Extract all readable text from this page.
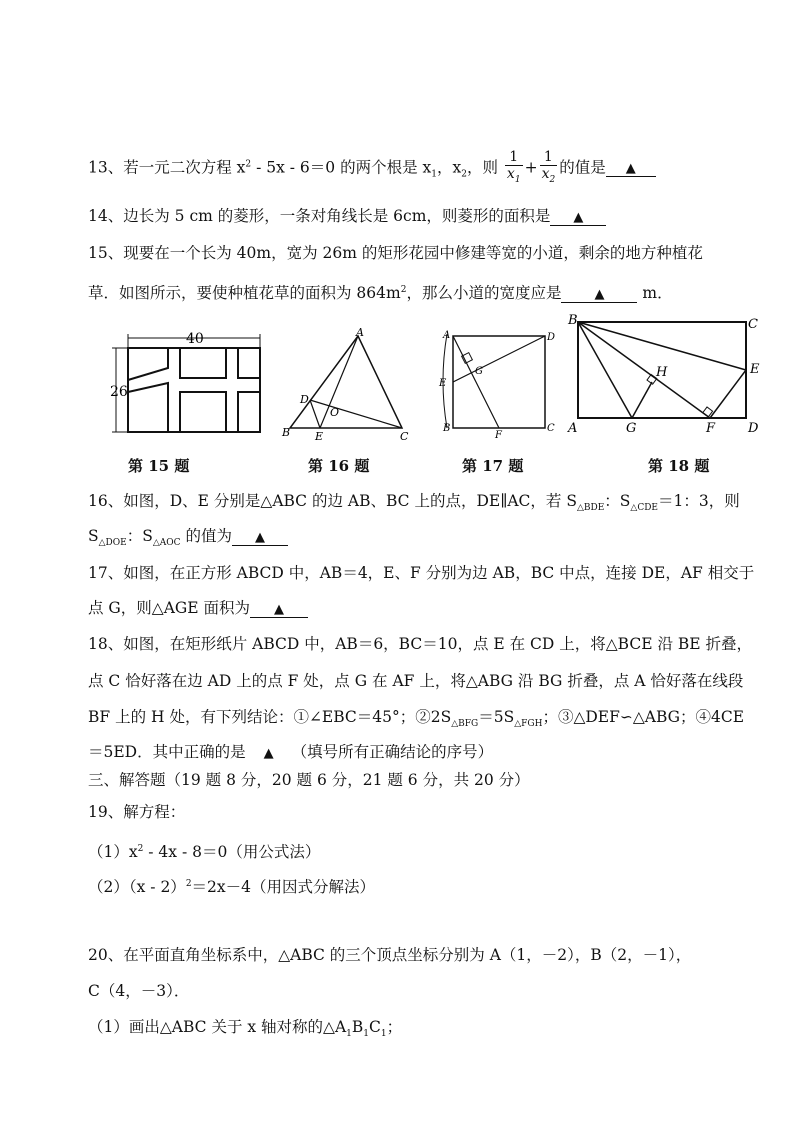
13、若一元二次方程 $x^2 - 5x - 6=0$ 的两个根是 $x_1$，$x_2$，则 $\frac{1}{x_1} + \frac{1}{x_2}$ 的值是 ▲
14、边长为 5 cm 的菱形，一条对角线长是 6cm，则菱形的面积是 ▲
15、现要在一个长为 40m，宽为 26m 的矩形花园中修建等宽的小道，剩余的地方种植花
草．如图所示，要使种植花草的面积为 $864m^2$，那么小道的宽度应是	▲ m．
40
26
A
B	C
D
E
O
A
B	C
D
E
F
G
B	C
A	D
E
F
G
H
第 15 题	第 16 题	第 17 题	第 18 题
16、如图，D、E 分别是△ABC 的边 AB、BC 上的点，DE∥AC，若 $S_{\triangle BDE}$：$S_{\triangle CDE}=1$：3，则
$S_{\triangle DOE}$：$S_{\triangle AOC}$ 的值为 ▲
17、如图，在正方形 ABCD 中，AB＝4，E、F 分别为边 AB，BC 中点，连接 DE，AF 相交于
点 G，则△AGE 面积为 ▲
18、如图，在矩形纸片 ABCD 中，AB＝6，BC＝10，点 E 在 CD 上，将△BCE 沿 BE 折叠，
点 C 恰好落在边 AD 上的点 F 处，点 G 在 AF 上，将△ABG 沿 BG 折叠，点 A 恰好落在线段
BF 上的 H 处，有下列结论：①∠EBC＝45°；$②2S_{\triangle BFG}=5S_{\triangle FGH}$；③△DEF∽△ABG；④4CE
＝5ED．其中正确的是 ▲ （填号所有正确结论的序号）
三、解答题（19 题 8 分，20 题 6 分，21 题 6 分，共 20 分）
19、解方程：
$(1)x^2 - 4x - 8=0$（用公式法）
（2）（x - 2）$^2$＝2x－4（用因式分解法）
20、在平面直角坐标系中，△ABC 的三个顶点坐标分别为 A（1，－2），B（2，－1），
C（4，－3）．
（1）画出△ABC 关于 x 轴对称的$\triangle A_1B_1C_1$；
